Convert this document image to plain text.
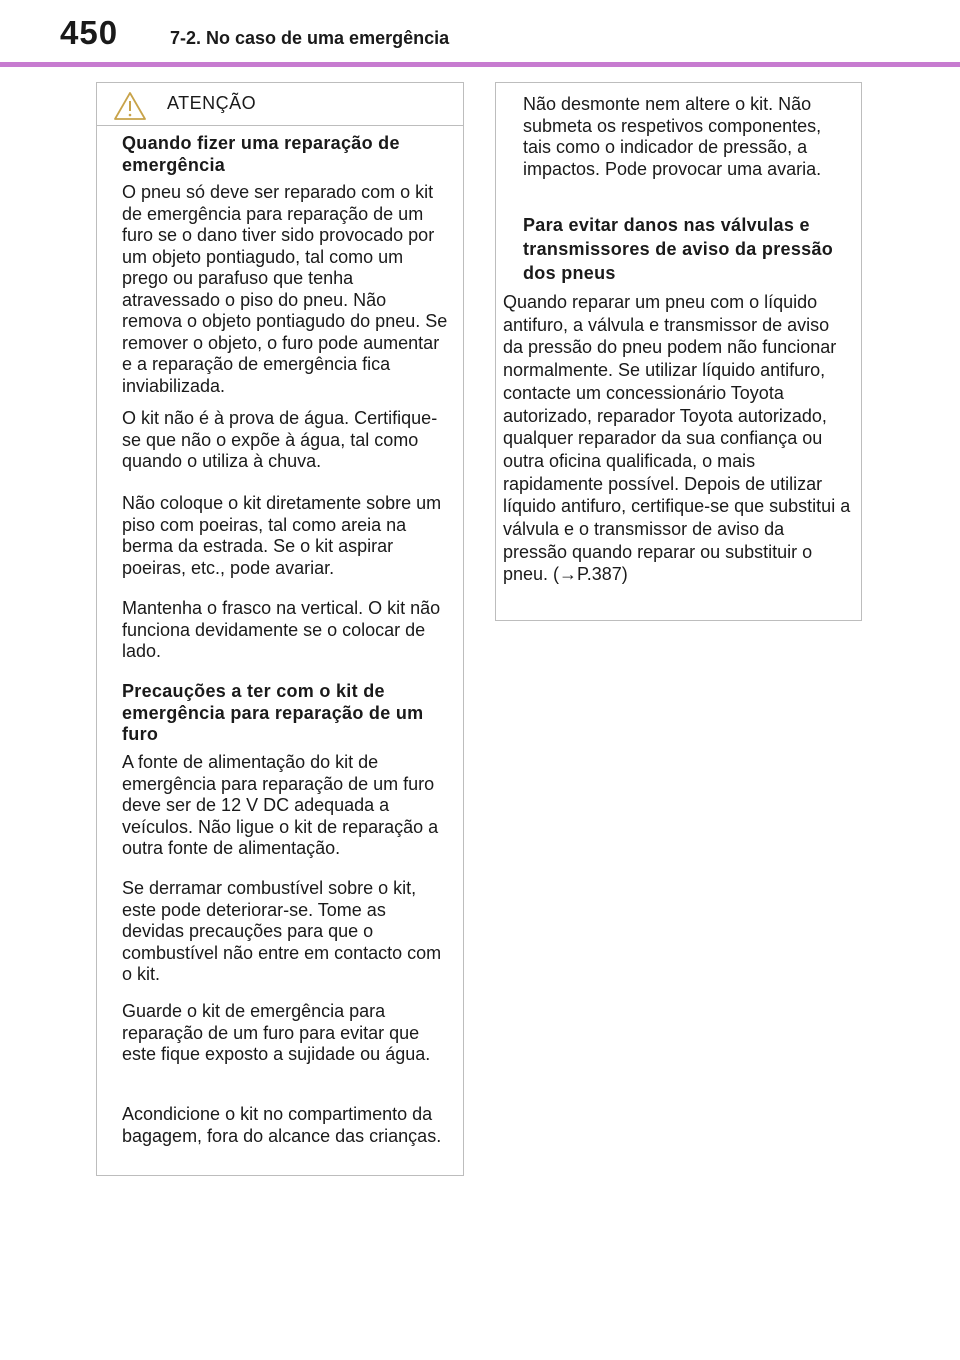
450	7-2. No caso de uma emergência
ATENÇÃO

Quando fizer uma reparação de emergência

O pneu só deve ser reparado com o kit de emergência para reparação de um furo se o dano tiver sido provocado por um objeto pontiagudo, tal como um prego ou parafuso que tenha atravessado o piso do pneu. Não remova o objeto pontiagudo do pneu. Se remover o objeto, o furo pode aumentar e a reparação de emergência fica inviabilizada.

O kit não é à prova de água. Certifique-se que não o expõe à água, tal como quando o utiliza à chuva.

Não coloque o kit diretamente sobre um piso com poeiras, tal como areia na berma da estrada. Se o kit aspirar poeiras, etc., pode avariar.

Mantenha o frasco na vertical. O kit não funciona devidamente se o colocar de lado.

Precauções a ter com o kit de emergência para reparação de um furo

A fonte de alimentação do kit de emergência para reparação de um furo deve ser de 12 V DC adequada a veículos. Não ligue o kit de reparação a outra fonte de alimentação.

Se derramar combustível sobre o kit, este pode deteriorar-se. Tome as devidas precauções para que o combustível não entre em contacto com o kit.

Guarde o kit de emergência para reparação de um furo para evitar que este fique exposto a sujidade ou água.

Acondicione o kit no compartimento da bagagem, fora do alcance das crianças.

Não desmonte nem altere o kit. Não submeta os respetivos componentes, tais como o indicador de pressão, a impactos. Pode provocar uma avaria.

Para evitar danos nas válvulas e transmissores de aviso da pressão dos pneus

Quando reparar um pneu com o líquido antifuro, a válvula e transmissor de aviso da pressão do pneu podem não funcionar normalmente. Se utilizar líquido antifuro, contacte um concessionário Toyota autorizado, reparador Toyota autorizado, qualquer reparador da sua confiança ou outra oficina qualificada, o mais rapidamente possível. Depois de utilizar líquido antifuro, certifique-se que substitui a válvula e o transmissor de aviso da pressão quando reparar ou substituir o pneu. (→P.387)
